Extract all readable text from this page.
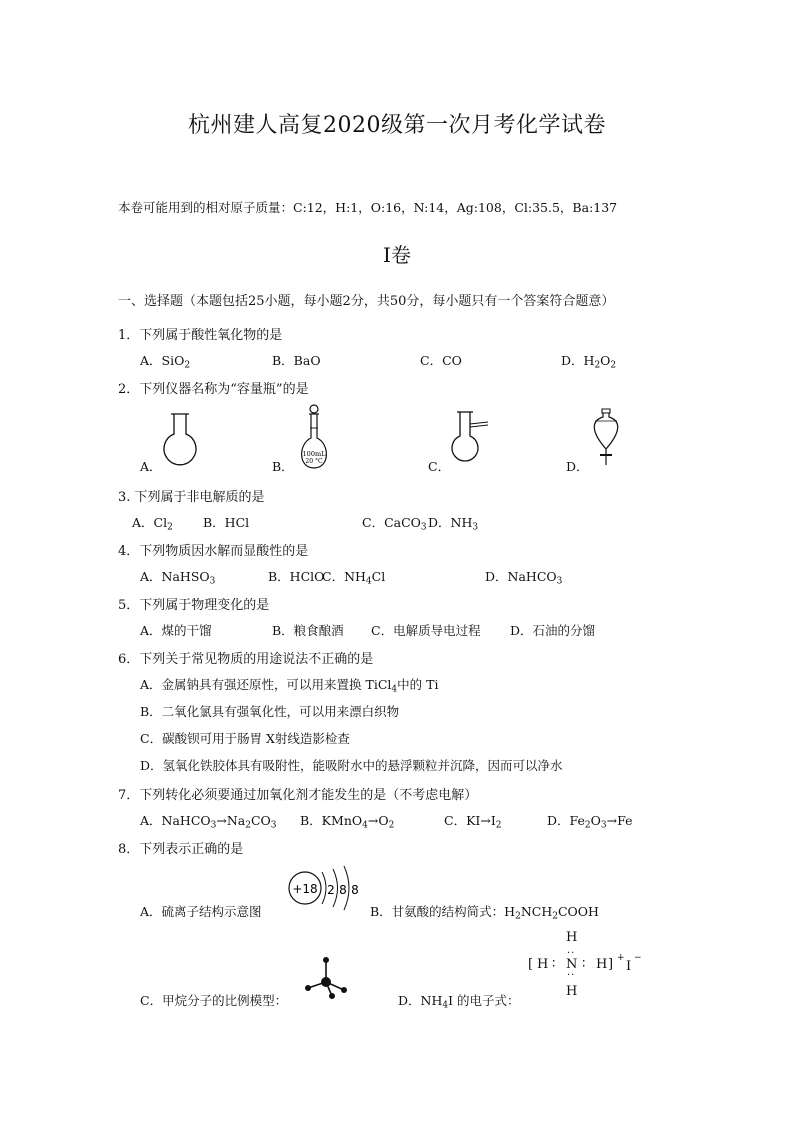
杭州建人高复2020级第一次月考化学试卷
本卷可能用到的相对原子质量：C:12，H:1，O:16，N:14，Ag:108，Cl:35.5，Ba:137
Ⅰ卷
一、选择题（本题包括25小题，每小题2分，共50分，每小题只有一个答案符合题意）
1．下列属于酸性氧化物的是
A．SiO$_2$	B．BaO	C．CO	D．$H_2O_2$
2．下列仪器名称为“容量瓶”的是
A．	B．
100mL
20 °C	C．	D．
3. 下列属于非电解质的是
A．$Cl_2$ B．HCl	C．CaCO$_3$ D．$NH_3$
4．下列物质因水解而显酸性的是
A．NaHSO$_3$	B．HClO
C．$NH_4Cl$	D．NaHCO$_3$
5．下列属于物理变化的是
A．煤的干馏	B．粮食酿酒 C．电解质导电过程 D．石油的分馏
6．下列关于常见物质的用途说法不正确的是
A．金属钠具有强还原性，可以用来置换 TiCl$_4$中的 Ti
B．二氧化氯具有强氧化性，可以用来漂白织物
C．碳酸钡可用于肠胃 X射线造影检查
D．氢氧化铁胶体具有吸附性，能吸附水中的悬浮颗粒并沉降，因而可以净水
7．下列转化必须要通过加氧化剂才能发生的是（不考虑电解）
A．$NaHCO_3\to Na_2CO_3$ B．$KMnO_4\to O_2$	C．$KI\to I_2$	D．$Fe_2O_3\to Fe$
8．下列表示正确的是
A．硫离子结构示意图
+18 2 8 8
B．甘氨酸的结构简式：$H_2NCH_2COOH$
C．甲烷分子的比例模型：	D．$NH_4I$ 的电子式：
H
[ H ∶ N ∶ H ] +
I
−
··
··
H
